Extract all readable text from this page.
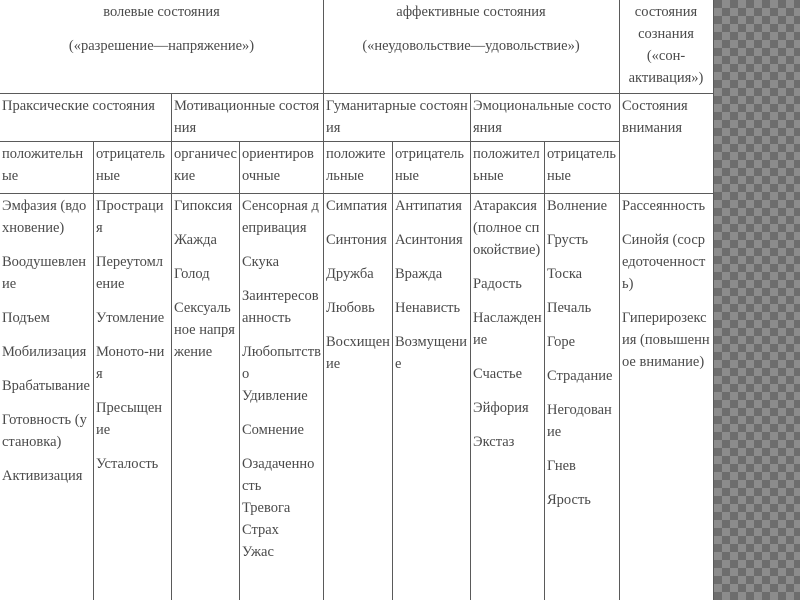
волевые состояния
(«разрешение—напряжение»)
аффективные состояния
(«неудовольствие—удовольствие»)
состояния
сознания
(«сон-
активация»)
Праксические состояния	Мотивационные состояния
Гуманитарные состояния
Эмоциональные состояния
Состояния внимания
положительные
отрицательные
органические
ориентировочные
положительные
отрицательные
положительные
отрицательные
Эмфазия (вдохновение)
Воодушевление
Подъем
Мобилизация
Врабатывание
Готовность (установка)
Активизация
Прострация
Переутомление
Утомление
Моното-ния
Пресыщение
Усталость
Гипоксия
Жажда
Голод
Сексуальное напряжение
Сенсорная депривация
Скука
Заинтересованность
Любопытство
Удивление
Сомнение
Озадаченность
Тревога
Страх
Ужас
Симпатия
Синтония
Дружба
Любовь
Восхищение
Антипатия
Асинтония
Вражда
Ненависть
Возмущение
Атараксия (полное спокойствие)
Радость
Наслаждение
Счастье
Эйфория
Экстаз
Волнение
Грусть
Тоска
Печаль
Горе
Страдание
Негодование
Гнев
Ярость
Рассеянность
Синойя (сосредоточенность)
Гиперирозексия (повышенное внимание)
